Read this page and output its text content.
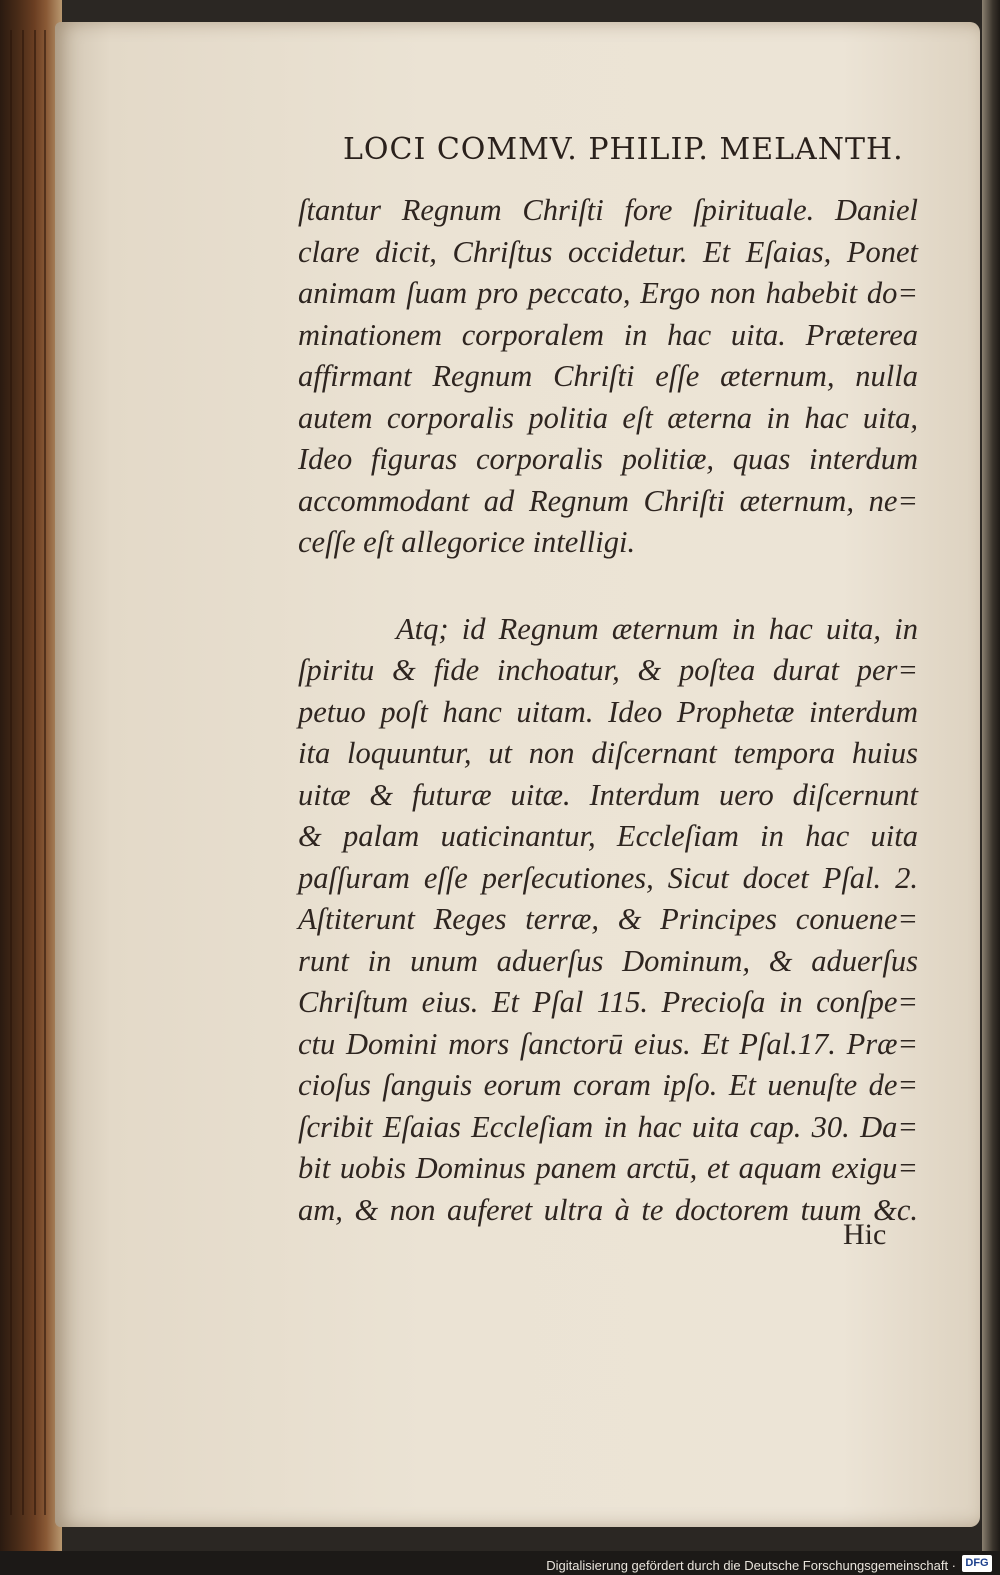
LOCI COMMV. PHILIP. MELANTH.
ſtantur Regnum Chriſti fore ſpirituale. Daniel
clare dicit, Chriſtus occidetur. Et Eſaias, Ponet
animam ſuam pro peccato, Ergo non habebit do=
minationem corporalem in hac uita. Præterea
affirmant Regnum Chriſti eſſe æternum, nulla
autem corporalis politia eſt æterna in hac uita,
Ideo figuras corporalis politiæ, quas interdum
accommodant ad Regnum Chriſti æternum, ne=
ceſſe eſt allegorice intelligi.
Atq; id Regnum æternum in hac uita, in
ſpiritu & fide inchoatur, & poſtea durat per=
petuo poſt hanc uitam. Ideo Prophetæ interdum
ita loquuntur, ut non diſcernant tempora huius
uitæ & futuræ uitæ. Interdum uero diſcernunt
& palam uaticinantur, Eccleſiam in hac uita
paſſuram eſſe perſecutiones, Sicut docet Pſal. 2.
Aſtiterunt Reges terræ, & Principes conuene=
runt in unum aduerſus Dominum, & aduerſus
Chriſtum eius. Et Pſal 115. Precioſa in conſpe=
ctu Domini mors ſanctorū eius. Et Pſal.17. Præ=
cioſus ſanguis eorum coram ipſo. Et uenuſte de=
ſcribit Eſaias Eccleſiam in hac uita cap. 30. Da=
bit uobis Dominus panem arctū, et aquam exigu=
am, & non auferet ultra à te doctorem tuum &c.
Hic
Digitalisierung gefördert durch die Deutsche Forschungsgemeinschaft · DFG
